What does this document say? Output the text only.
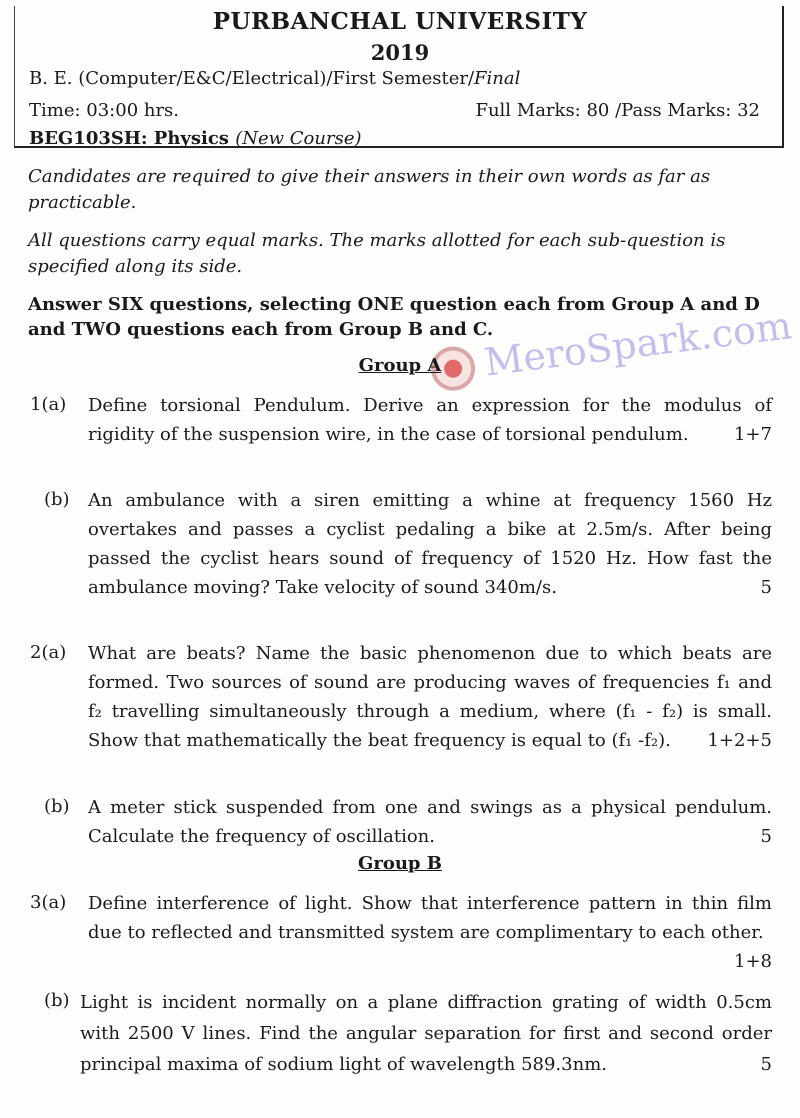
PURBANCHAL UNIVERSITY
2019
B. E. (Computer/E&C/Electrical)/First Semester/Final
Time: 03:00 hrs.	Full Marks: 80 /Pass Marks: 32
BEG103SH: Physics (New Course)
Candidates are required to give their answers in their own words as far as practicable.
All questions carry equal marks. The marks allotted for each sub-question is specified along its side.
Answer SIX questions, selecting ONE question each from Group A and D and TWO questions each from Group B and C.
MeroSpark.com
Group A
1(a) Define torsional Pendulum. Derive an expression for the modulus of rigidity of the suspension wire, in the case of torsional pendulum.	1+7
(b) An ambulance with a siren emitting a whine at frequency 1560 Hz overtakes and passes a cyclist pedaling a bike at 2.5m/s. After being passed the cyclist hears sound of frequency of 1520 Hz. How fast the ambulance moving? Take velocity of sound 340m/s.	5
2(a) What are beats? Name the basic phenomenon due to which beats are formed. Two sources of sound are producing waves of frequencies f₁ and f₂ travelling simultaneously through a medium, where (f₁ - f₂) is small. Show that mathematically the beat frequency is equal to (f₁ -f₂). 1+2+5
(b) A meter stick suspended from one and swings as a physical pendulum. Calculate the frequency of oscillation.	5
Group B
3(a) Define interference of light. Show that interference pattern in thin film due to reflected and transmitted system are complimentary to each other.
1+8
(b) Light is incident normally on a plane diffraction grating of width 0.5cm with 2500 V lines. Find the angular separation for first and second order principal maxima of sodium light of wavelength 589.3nm.	5
